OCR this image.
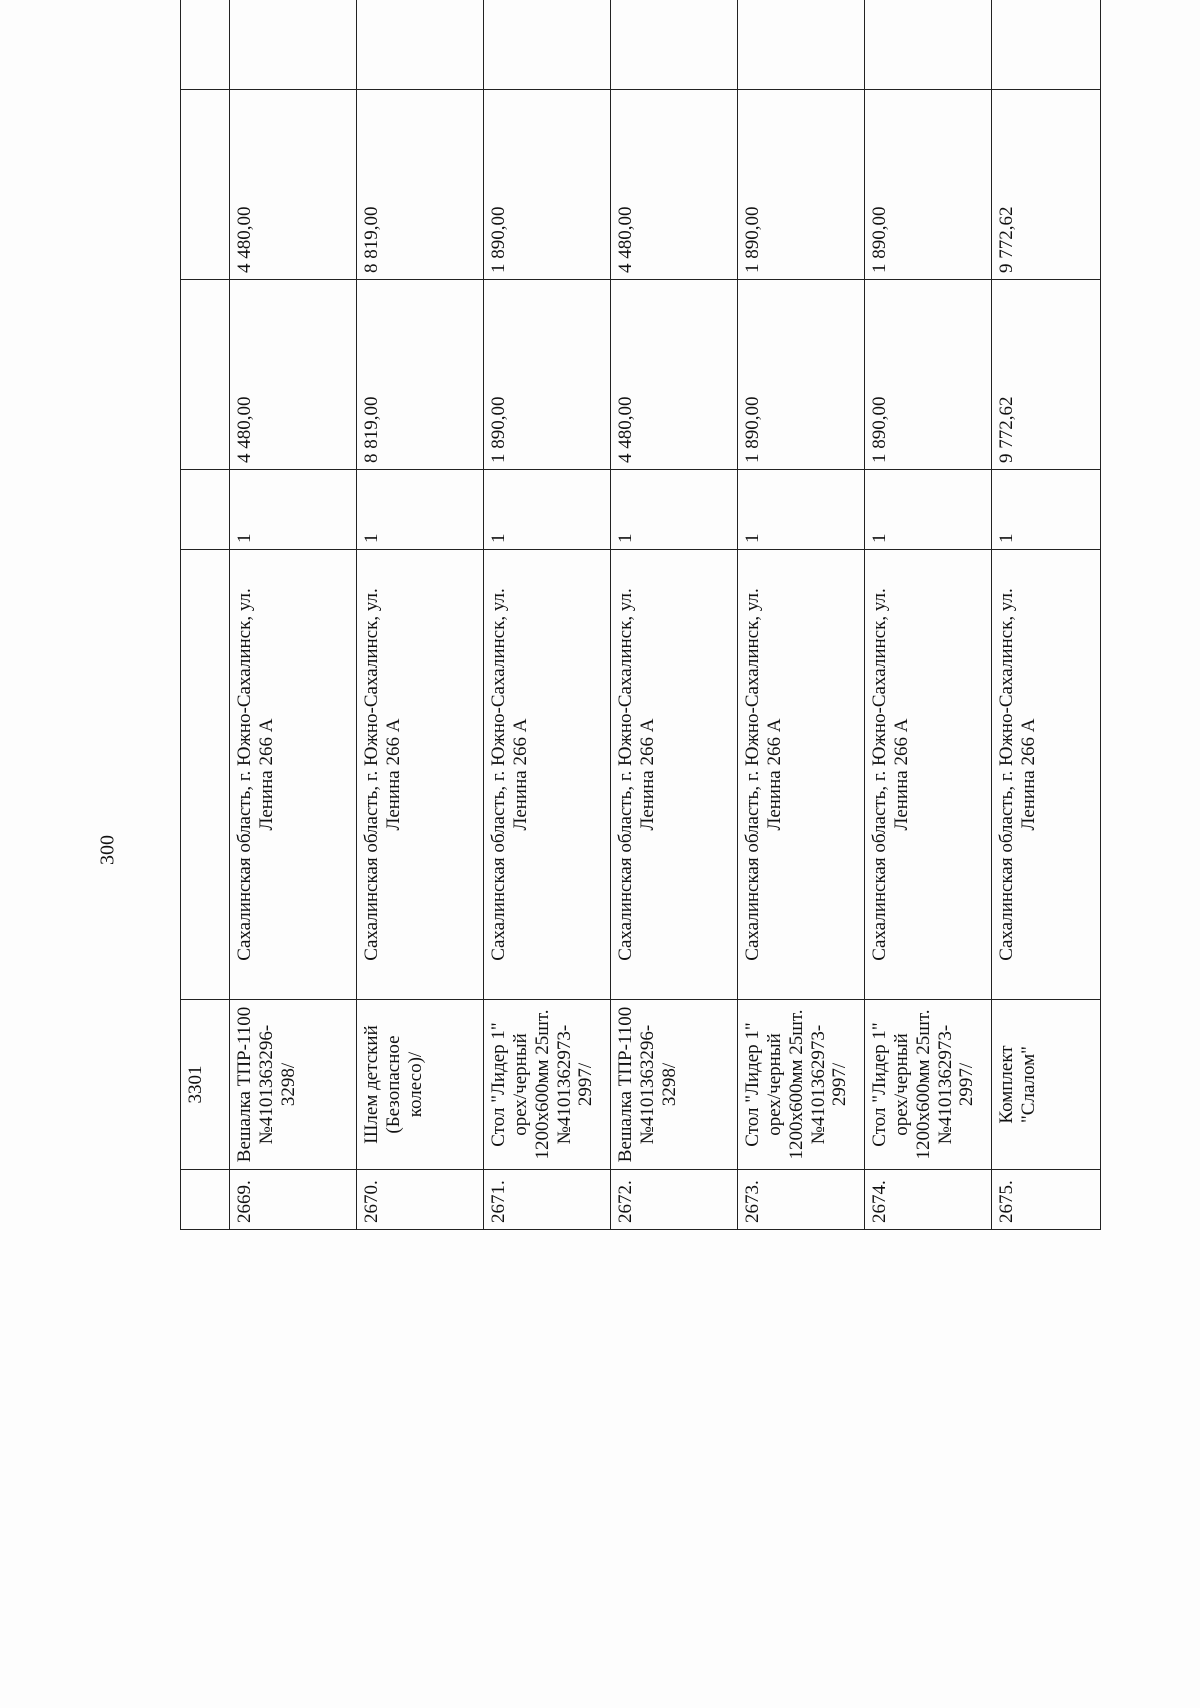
300
	3301						
2669.	Вешалка ТПР-1100 №4101363296-3298/	Сахалинская область, г. Южно-Сахалинск, ул. Ленина 266 А	1	4 480,00	4 480,00		
2670.	Шлем детский (Безопасное колесо)/	Сахалинская область, г. Южно-Сахалинск, ул. Ленина 266 А	1	8 819,00	8 819,00		
2671.	Стол "Лидер 1" орех/черный 1200х600мм 25шт.№4101362973-2997/	Сахалинская область, г. Южно-Сахалинск, ул. Ленина 266 А	1	1 890,00	1 890,00		
2672.	Вешалка ТПР-1100 №4101363296-3298/	Сахалинская область, г. Южно-Сахалинск, ул. Ленина 266 А	1	4 480,00	4 480,00		
2673.	Стол "Лидер 1" орех/черный 1200х600мм 25шт.№4101362973-2997/	Сахалинская область, г. Южно-Сахалинск, ул. Ленина 266 А	1	1 890,00	1 890,00		
2674.	Стол "Лидер 1" орех/черный 1200х600мм 25шт.№4101362973-2997/	Сахалинская область, г. Южно-Сахалинск, ул. Ленина 266 А	1	1 890,00	1 890,00		
2675.	Комплект "Слалом"	Сахалинская область, г. Южно-Сахалинск, ул. Ленина 266 А	1	9 772,62	9 772,62		
